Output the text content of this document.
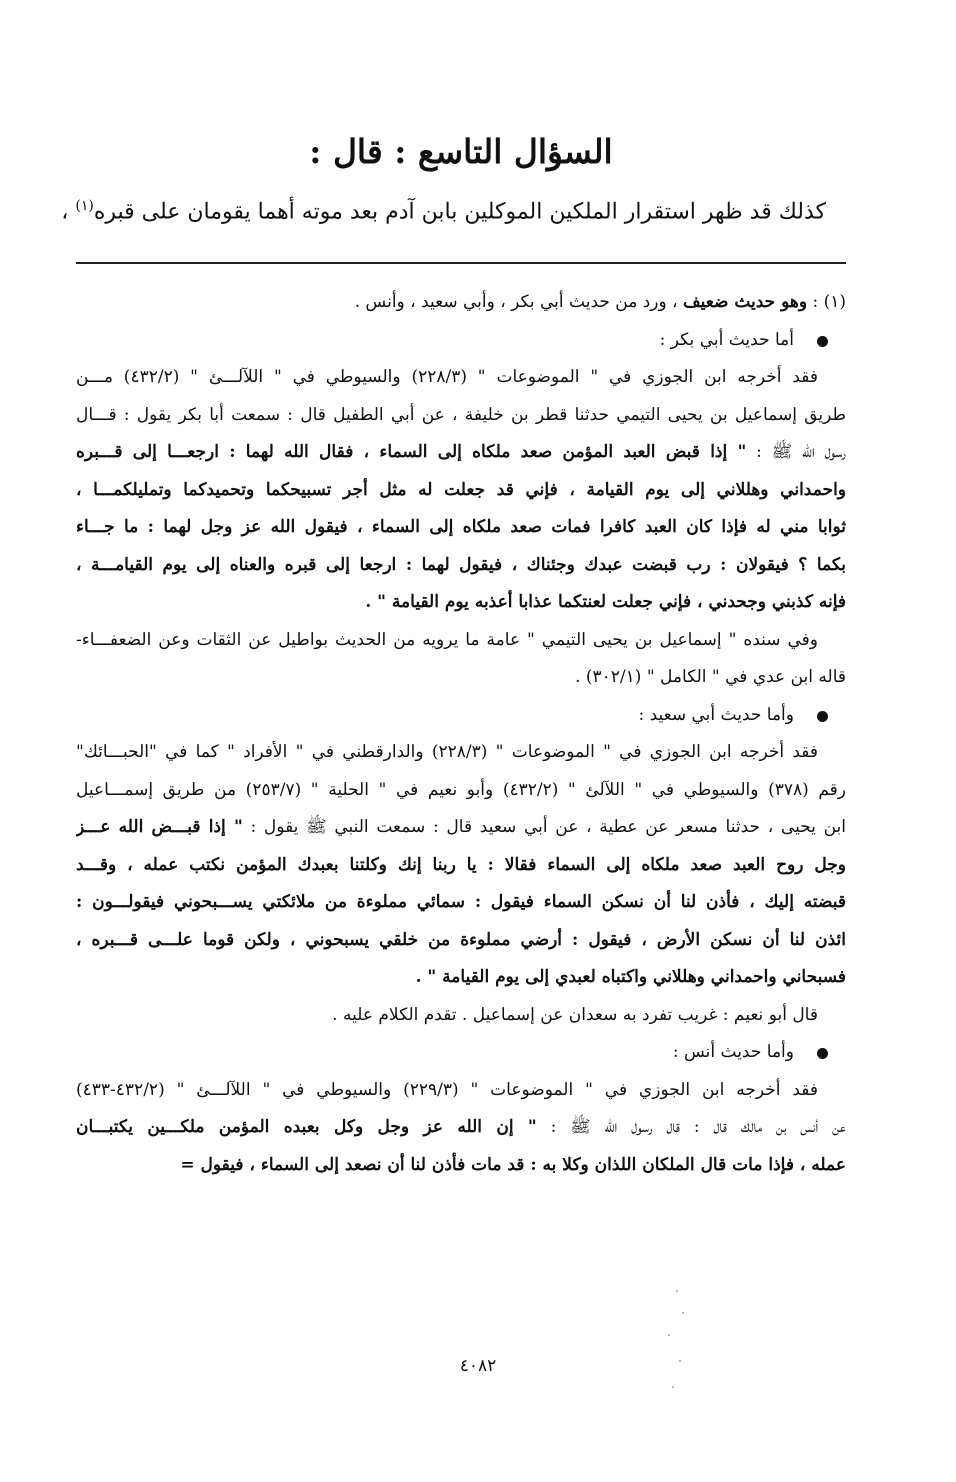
السؤال التاسع : قال :
كذلك قد ظهر استقرار الملكين الموكلين بابن آدم بعد موته أهما يقومان على قبره$^{(١)}$ ،
(١) : وهو حديث ضعيف ، ورد من حديث أبي بكر ، وأبي سعيد ، وأنس .
أما حديث أبي بكر :
فقد أخرجه ابن الجوزي في " الموضوعات " (٢٢٨/٣) والسيوطي في " اللآلـــئ " (٤٣٢/٢) مـــن
طريق إسماعيل بن يحيى التيمي حدثنا قطر بن خليفة ، عن أبي الطفيل قال : سمعت أبا بكر يقول : قـــال
رسول الله ﷺ : " إذا قبض العبد المؤمن صعد ملكاه إلى السماء ، فقال الله لهما : ارجعـــا إلى قـــبره
واحمداني وهللاني إلى يوم القيامة ، فإني قد جعلت له مثل أجر تسبيحكما وتحميدكما وتمليلكمـــا ،
ثوابا مني له فإذا كان العبد كافرا فمات صعد ملكاه إلى السماء ، فيقول الله عز وجل لهما : ما جـــاء
بكما ؟ فيقولان : رب قبضت عبدك وجئناك ، فيقول لهما : ارجعا إلى قبره والعناه إلى يوم القيامـــة ،
فإنه كذبني وجحدني ، فإني جعلت لعنتكما عذابا أعذبه يوم القيامة " .
وفي سنده " إسماعيل بن يحيى التيمي " عامة ما يرويه من الحديث بواطيل عن الثقات وعن الضعفـــاء-
قاله ابن عدي في " الكامل " (٣٠٢/١) .
وأما حديث أبي سعيد :
فقد أخرجه ابن الجوزي في " الموضوعات " (٢٢٨/٣) والدارقطني في " الأفراد " كما في "الحبـــائك"
رقم (٣٧٨) والسيوطي في " اللآلئ " (٤٣٢/٢) وأبو نعيم في " الحلية " (٢٥٣/٧) من طريق إسمـــاعيل
ابن يحيى ، حدثنا مسعر عن عطية ، عن أبي سعيد قال : سمعت النبي ﷺ يقول : " إذا قبـــض الله عـــز
وجل روح العبد صعد ملكاه إلى السماء فقالا : يا ربنا إنك وكلتنا بعبدك المؤمن نكتب عمله ، وقـــد
قبضته إليك ، فأذن لنا أن نسكن السماء فيقول : سمائي مملوءة من ملائكتي يســـبحوني فيقولـــون :
ائذن لنا أن نسكن الأرض ، فيقول : أرضي مملوءة من خلقي يسبحوني ، ولكن قوما علـــى قـــبره ،
فسبحاني واحمداني وهللاني واكتباه لعبدي إلى يوم القيامة " .
قال أبو نعيم : غريب تفرد به سعدان عن إسماعيل . تقدم الكلام عليه .
وأما حديث أنس :
فقد أخرجه ابن الجوزي في " الموضوعات " (٢٢٩/٣) والسيوطي في " اللآلـــئ " (٤٣٢/٢-٤٣٣)
عن أنس بن مالك قال : قال رسول الله ﷺ : " إن الله عز وجل وكل بعبده المؤمن ملكـــين يكتبـــان
عمله ، فإذا مات قال الملكان اللذان وكلا به : قد مات فأذن لنا أن نصعد إلى السماء ، فيقول =
٤٠٨٢
